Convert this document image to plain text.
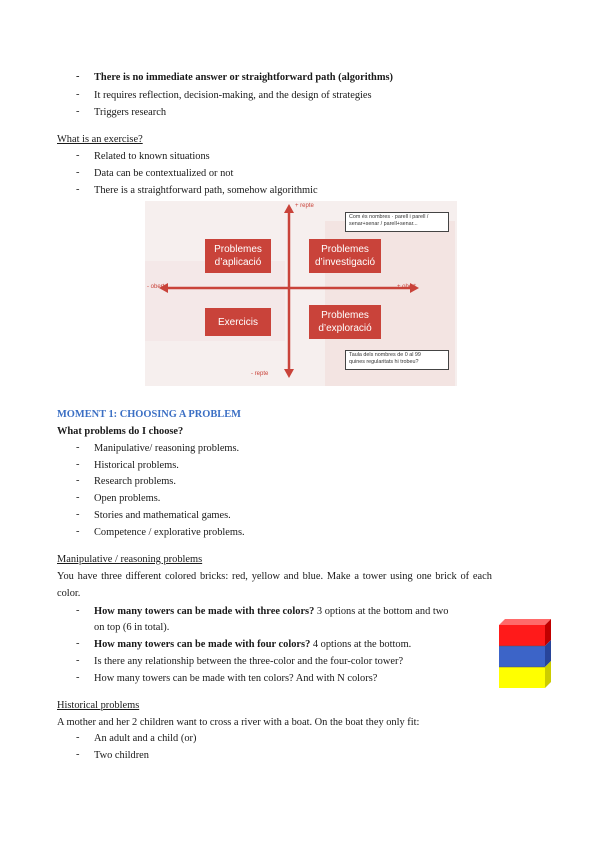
-	There is no immediate answer or straightforward path (algorithms)
-	It requires reflection, decision-making, and the design of strategies
-	Triggers research
What is an exercise?
-	Related to known situations
-	Data can be contextualized or not
-	There is a straightforward path, somehow algorithmic
+ repte
- repte
- obert	+ obert
Problemes
d’aplicació
Problemes
d’investigació
Exercicis
Problemes
d’exploració
Com és nombres · parell i parell /
senar+senar / parell+senar...
Taula dels nombres de 0 al 99
quines regularitats hi trobeu?
MOMENT 1: CHOOSING A PROBLEM
What problems do I choose?
-	Manipulative/ reasoning problems.
-	Historical problems.
-	Research problems.
-	Open problems.
-	Stories and mathematical games.
-	Competence / explorative problems.
Manipulative / reasoning problems
You have three different colored bricks: red, yellow and blue. Make a tower using one brick of each
color.
-	How many towers can be made with three colors? 3 options at the bottom and two
on top (6 in total).
-	How many towers can be made with four colors? 4 options at the bottom.
-	Is there any relationship between the three-color and the four-color tower?
-	How many towers can be made with ten colors? And with N colors?
Historical problems
A mother and her 2 children want to cross a river with a boat. On the boat they only fit:
-	An adult and a child (or)
-	Two children
